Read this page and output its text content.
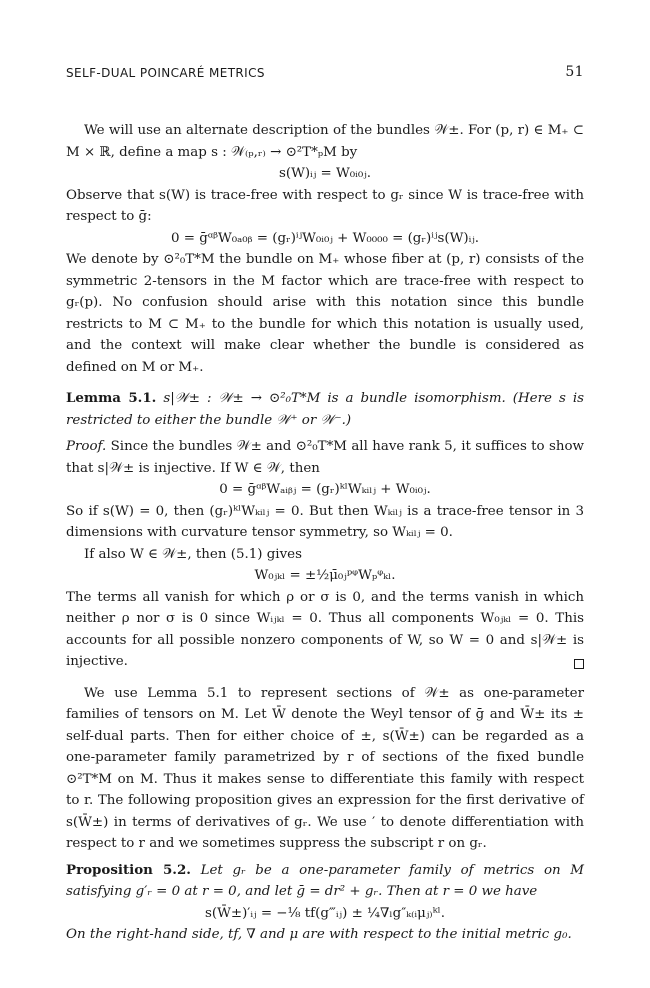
SELF-DUAL POINCARÉ METRICS	51

We will use an alternate description of the bundles 𝒲±. For (p, r) ∈ M₊ ⊂ M × ℝ, define a map s : 𝒲₍ₚ,ᵣ₎ → ⊙²T*ₚM by

s(W)ᵢⱼ = W₀ᵢ₀ⱼ.

Observe that s(W) is trace-free with respect to gᵣ since W is trace-free with respect to ḡ:

0 = ḡᵅᵝW₀ₐ₀ᵦ = (gᵣ)ⁱʲW₀ᵢ₀ⱼ + W₀₀₀₀ = (gᵣ)ⁱʲs(W)ᵢⱼ.

We denote by ⊙²₀T*M the bundle on M₊ whose fiber at (p, r) consists of the symmetric 2-tensors in the M factor which are trace-free with respect to gᵣ(p). No confusion should arise with this notation since this bundle restricts to M ⊂ M₊ to the bundle for which this notation is usually used, and the context will make clear whether the bundle is considered as defined on M or M₊.

Lemma 5.1. s|𝒲± : 𝒲± → ⊙²₀T*M is a bundle isomorphism. (Here s is restricted to either the bundle 𝒲⁺ or 𝒲⁻.)

Proof. Since the bundles 𝒲± and ⊙²₀T*M all have rank 5, it suffices to show that s|𝒲± is injective. If W ∈ 𝒲, then

0 = ḡᵅᵝWₐᵢᵦⱼ = (gᵣ)ᵏˡWₖᵢₗⱼ + W₀ᵢ₀ⱼ.

So if s(W) = 0, then (gᵣ)ᵏˡWₖᵢₗⱼ = 0. But then Wₖᵢₗⱼ is a trace-free tensor in 3 dimensions with curvature tensor symmetry, so Wₖᵢₗⱼ = 0.

If also W ∈ 𝒲±, then (5.1) gives

W₀ⱼₖₗ = ±½μ̄₀ⱼᵖᵠWₚᵠₖₗ.

The terms all vanish for which ρ or σ is 0, and the terms vanish in which neither ρ nor σ is 0 since Wᵢⱼₖₗ = 0. Thus all components W₀ⱼₖₗ = 0. This accounts for all possible nonzero components of W, so W = 0 and s|𝒲± is injective.

We use Lemma 5.1 to represent sections of 𝒲± as one-parameter families of tensors on M. Let W̄ denote the Weyl tensor of ḡ and W̄± its ± self-dual parts. Then for either choice of ±, s(W̄±) can be regarded as a one-parameter family parametrized by r of sections of the fixed bundle ⊙²T*M on M. Thus it makes sense to differentiate this family with respect to r. The following proposition gives an expression for the first derivative of s(W̄±) in terms of derivatives of gᵣ. We use ′ to denote differentiation with respect to r and we sometimes suppress the subscript r on gᵣ.

Proposition 5.2. Let gᵣ be a one-parameter family of metrics on M satisfying g′ᵣ = 0 at r = 0, and let ḡ = dr² + gᵣ. Then at r = 0 we have

s(W̄±)′ᵢⱼ = −⅛ tf(g‴ᵢⱼ) ± ¼∇ₗg″ₖ₍ᵢμⱼ₎ᵏˡ.

On the right-hand side, tf, ∇ and μ are with respect to the initial metric g₀.
